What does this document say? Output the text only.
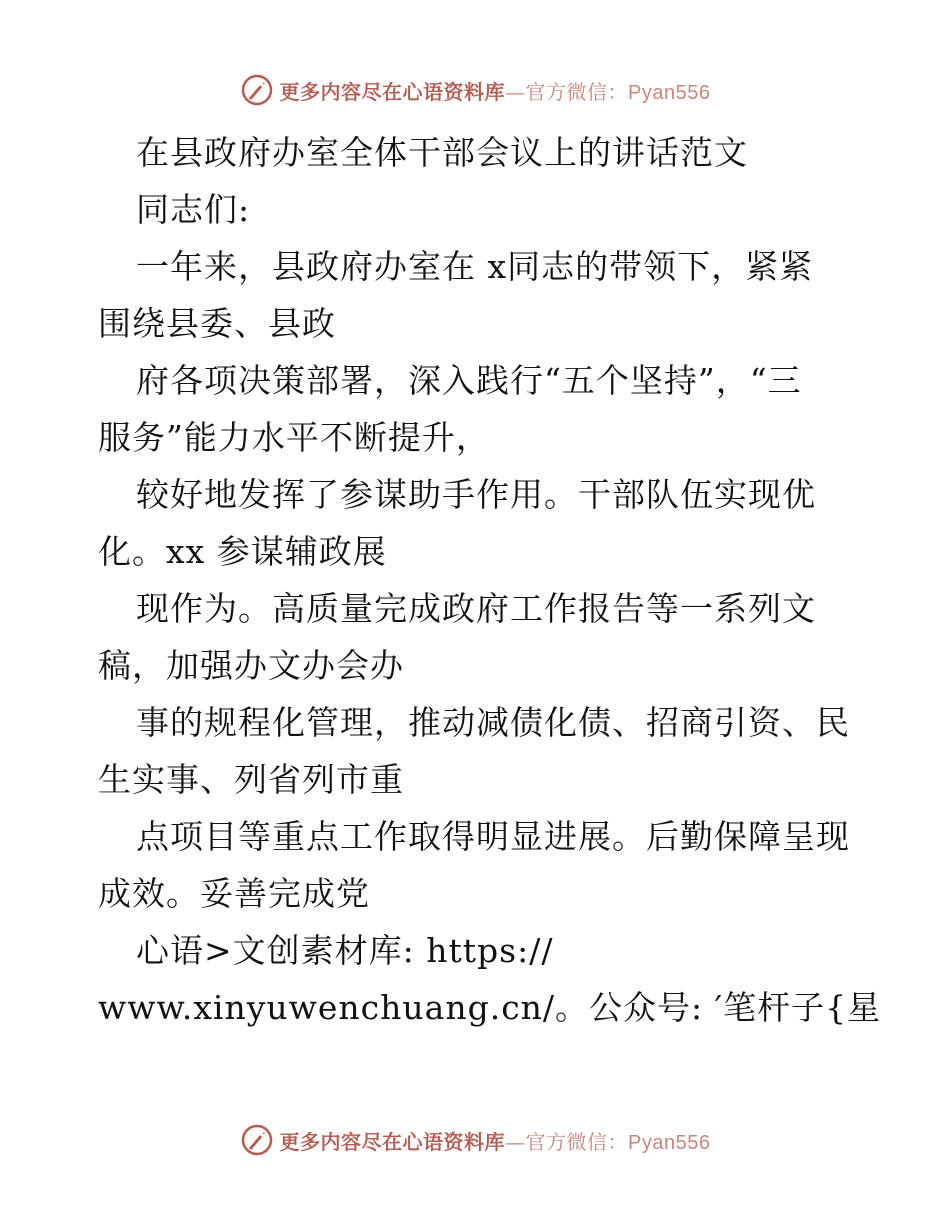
更多内容尽在心语资料库—官方微信：Pyan556
在县政府办室全体干部会议上的讲话范文
同志们:
一年来，县政府办室在 x同志的带领下，紧紧
围绕县委、县政
府各项决策部署，深入践行“五个坚持”，“三
服务”能力水平不断提升，
较好地发挥了参谋助手作用。干部队伍实现优
化。xx 参谋辅政展
现作为。高质量完成政府工作报告等一系列文
稿，加强办文办会办
事的规程化管理，推动减债化债、招商引资、民
生实事、列省列市重
点项目等重点工作取得明显进展。后勤保障呈现
成效。妥善完成党
心语>文创素材库: https://
www.xinyuwenchuang.cn/。公众号: ′笔杆子{星
更多内容尽在心语资料库—官方微信：Pyan556
